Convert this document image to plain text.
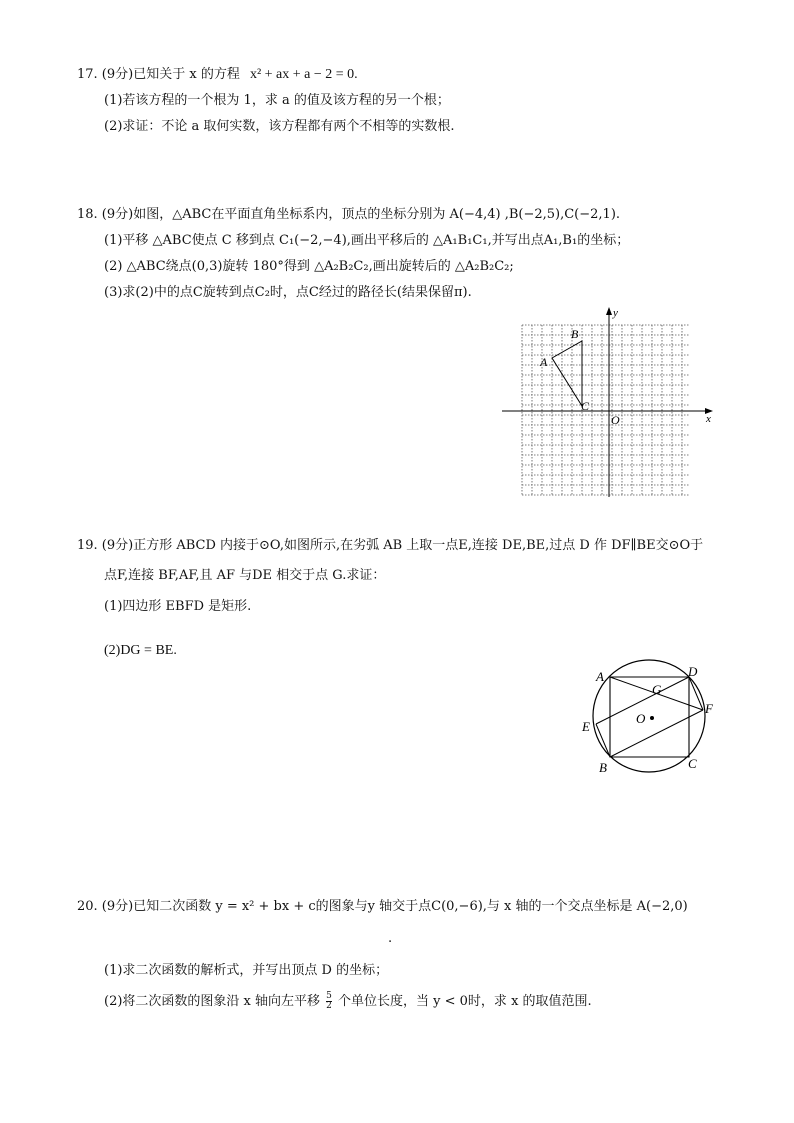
17. (9分)已知关于 x 的方程 x² + ax + a − 2 = 0.
(1)若该方程的一个根为 1，求 a 的值及该方程的另一个根；
(2)求证：不论 a 取何实数，该方程都有两个不相等的实数根.
18. (9分)如图，△ABC在平面直角坐标系内，顶点的坐标分别为 A(−4,4) ,B(−2,5),C(−2,1).
(1)平移 △ABC使点 C 移到点 C₁(−2,−4),画出平移后的 △A₁B₁C₁,并写出点A₁,B₁的坐标；
(2) △ABC绕点(0,3)旋转 180°得到 △A₂B₂C₂,画出旋转后的 △A₂B₂C₂;
(3)求(2)中的点C旋转到点C₂时，点C经过的路径长(结果保留π).
A
B
C
O	x
y
19. (9分)正方形 ABCD 内接于⊙O,如图所示,在劣弧 AB 上取一点E,连接 DE,BE,过点 D 作 DF∥BE交⊙O于
点F,连接 BF,AF,且 AF 与DE 相交于点 G.求证：
(1)四边形 EBFD 是矩形.
(2)DG = BE.
A	D
G
O
E
F
B	C
20. (9分)已知二次函数 y = x² + bx + c的图象与y 轴交于点C(0,−6),与 x 轴的一个交点坐标是 A(−2,0)
.
(1)求二次函数的解析式，并写出顶点 D 的坐标；
(2)将二次函数的图象沿 x 轴向左平移 $\frac{5}{2}$ 个单位长度，当 y < 0时，求 x 的取值范围.
